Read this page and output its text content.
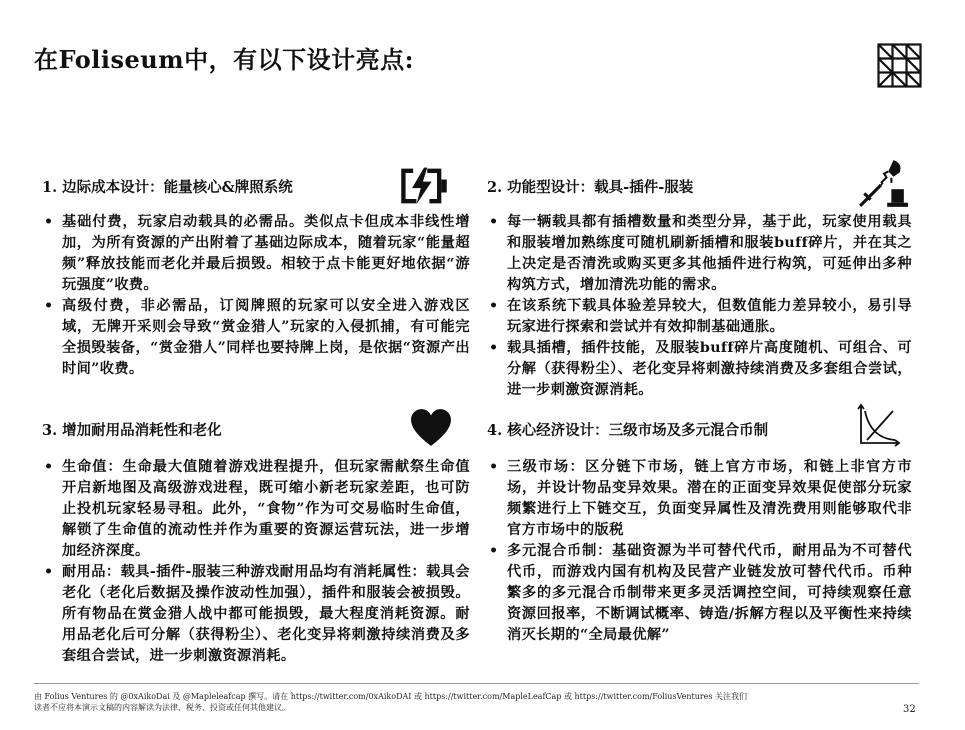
在Foliseum中，有以下设计亮点:
1. 边际成本设计：能量核心&牌照系统
• 基础付费，玩家启动载具的必需品。类似点卡但成本非线性增加，为所有资源的产出附着了基础边际成本，随着玩家“能量超频”释放技能而老化并最后损毁。相较于点卡能更好地依据“游玩强度”收费。
• 高级付费，非必需品，订阅牌照的玩家可以安全进入游戏区域，无牌开采则会导致“赏金猎人”玩家的入侵抓捕，有可能完全损毁装备，“赏金猎人”同样也要持牌上岗，是依据“资源产出时间”收费。
2. 功能型设计：载具-插件-服装
• 每一辆载具都有插槽数量和类型分异，基于此，玩家使用载具和服装增加熟练度可随机刷新插槽和服装buff碎片，并在其之上决定是否清洗或购买更多其他插件进行构筑，可延伸出多种构筑方式，增加清洗功能的需求。
• 在该系统下载具体验差异较大，但数值能力差异较小，易引导玩家进行探索和尝试并有效抑制基础通胀。
• 载具插槽，插件技能，及服装buff碎片高度随机、可组合、可分解（获得粉尘）、老化变异将刺激持续消费及多套组合尝试，进一步刺激资源消耗。
3. 增加耐用品消耗性和老化
• 生命值：生命最大值随着游戏进程提升，但玩家需献祭生命值开启新地图及高级游戏进程，既可缩小新老玩家差距，也可防止投机玩家轻易寻租。此外，“食物”作为可交易临时生命值，解锁了生命值的流动性并作为重要的资源运营玩法，进一步增加经济深度。
• 耐用品：载具-插件-服装三种游戏耐用品均有消耗属性：载具会老化（老化后数据及操作波动性加强），插件和服装会被损毁。所有物品在赏金猎人战中都可能损毁，最大程度消耗资源。耐用品老化后可分解（获得粉尘）、老化变异将刺激持续消费及多套组合尝试，进一步刺激资源消耗。
4. 核心经济设计：三级市场及多元混合币制
• 三级市场：区分链下市场，链上官方市场，和链上非官方市场，并设计物品变异效果。潜在的正面变异效果促使部分玩家频繁进行上下链交互，负面变异属性及清洗费用则能够取代非官方市场中的版税
• 多元混合币制：基础资源为半可替代代币，耐用品为不可替代代币，而游戏内国有机构及民营产业链发放可替代代币。币种繁多的多元混合币制带来更多灵活调控空间，可持续观察任意资源回报率，不断调试概率、铸造/拆解方程以及平衡性来持续消灭长期的“全局最优解”
由 Folius Ventures 的 @0xAikoDai 及 @Mapleleafcap 撰写。请在 https://twitter.com/0xAikoDAI 或 https://twitter.com/MapleLeafCap 或 https://twitter.com/FoliusVentures 关注我们
读者不应将本演示文稿的内容解读为法律、税务、投资或任何其他建议。	32
